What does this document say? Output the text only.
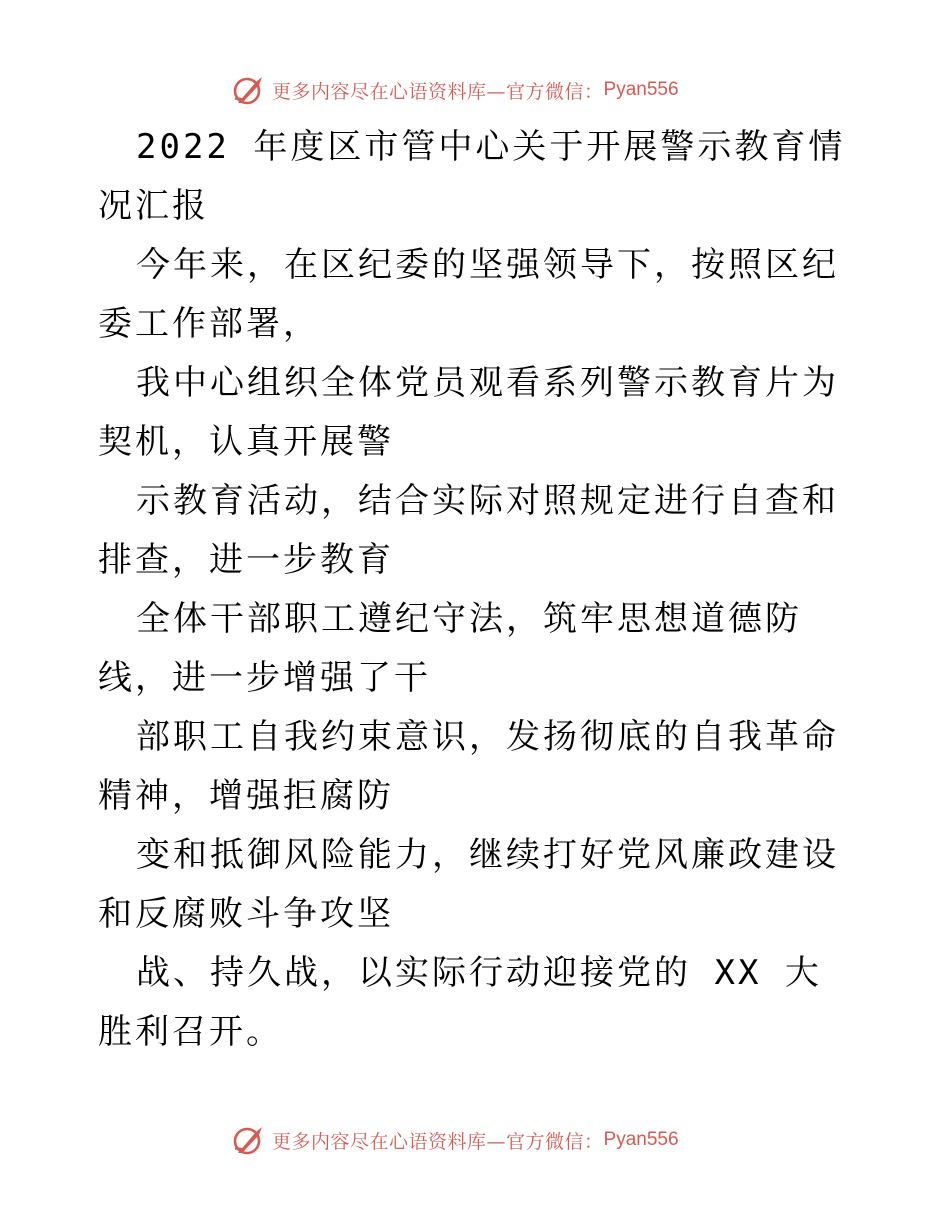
更多内容尽在心语资料库—官方微信： Pyan556

2022 年度区市管中心关于开展警示教育情况汇报

今年来，在区纪委的坚强领导下，按照区纪委工作部署，

我中心组织全体党员观看系列警示教育片为契机，认真开展警

示教育活动，结合实际对照规定进行自查和排查，进一步教育

全体干部职工遵纪守法，筑牢思想道德防线，进一步增强了干

部职工自我约束意识，发扬彻底的自我革命精神，增强拒腐防

变和抵御风险能力，继续打好党风廉政建设和反腐败斗争攻坚

战、持久战，以实际行动迎接党的 XX 大胜利召开。

更多内容尽在心语资料库—官方微信： Pyan556
